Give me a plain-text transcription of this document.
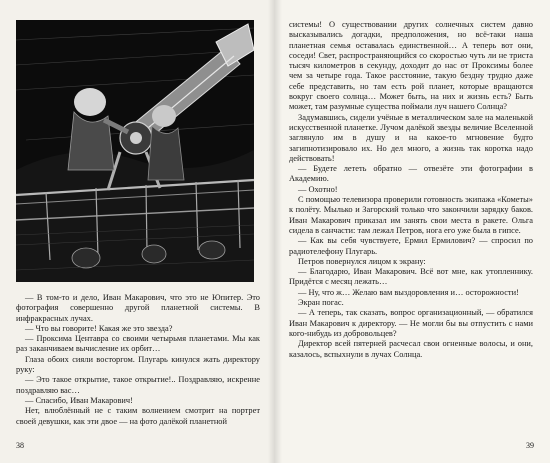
— В том-то и дело, Иван Макарович, что это не Юпитер. Это фотография совершенно другой планетной системы. В инфракрасных лучах.

— Что вы говорите! Какая же это звезда?

— Проксима Центавра со своими четырьмя планетами. Мы как раз заканчиваем вычисление их орбит…

Глаза обоих сияли восторгом. Плугарь кинулся жать директору руку:

— Это такое открытие, такое открытие!.. Поздравляю, искренне поздравляю вас…

— Спасибо, Иван Макарович!

Нет, влюблённый не с таким волнением смотрит на портрет своей девушки, как эти двое — на фото далёкой планетной

38

системы! О существовании других солнечных систем давно высказывались догадки, предположения, но всё-таки наша планетная семья оставалась единственной… А теперь вот они, соседи! Свет, распространяющийся со скоростью чуть ли не триста тысяч километров в секунду, доходит до нас от Проксимы более чем за четыре года. Такое расстояние, такую бездну трудно даже себе представить, но там есть рой планет, которые вращаются вокруг своего солнца… Может быть, на них и жизнь есть? Быть может, там разумные существа поймали луч нашего Солнца?

Задумавшись, сидели учёные в металлическом зале на маленькой искусственной планетке. Лучом далёкой звезды величие Вселенной заглянуло им в душу и на какое-то мгновение будто загипнотизировало их. Но дел много, а жизнь так коротка надо действовать!

— Будете лететь обратно — отвезёте эти фотографии в Академию.

— Охотно!

С помощью телевизора проверили готовность экипажа «Кометы» к полёту. Мылько и Загорский только что закончили зарядку баков. Иван Макарович приказал им занять свои места в ракете. Ольга сидела в санчасти: там лежал Петров, нога его уже была в гипсе.

— Как вы себя чувствуете, Ермил Ермилович? — спросил по радиотелефону Плугарь.

Петров повернулся лицом к экрану:

— Благодарю, Иван Макарович. Всё вот мне, как утопленнику. Придётся с месяц лежать…

— Ну, что ж… Желаю вам выздоровления и… осторожности!

Экран погас.

— А теперь, так сказать, вопрос организационный, — обратился Иван Макарович к директору. — Не могли бы вы отпустить с нами кого-нибудь из добровольцев?

Директор всей пятерней расчесал свои огненные волосы, и они, казалось, вспыхнули в лучах Солнца.

39
